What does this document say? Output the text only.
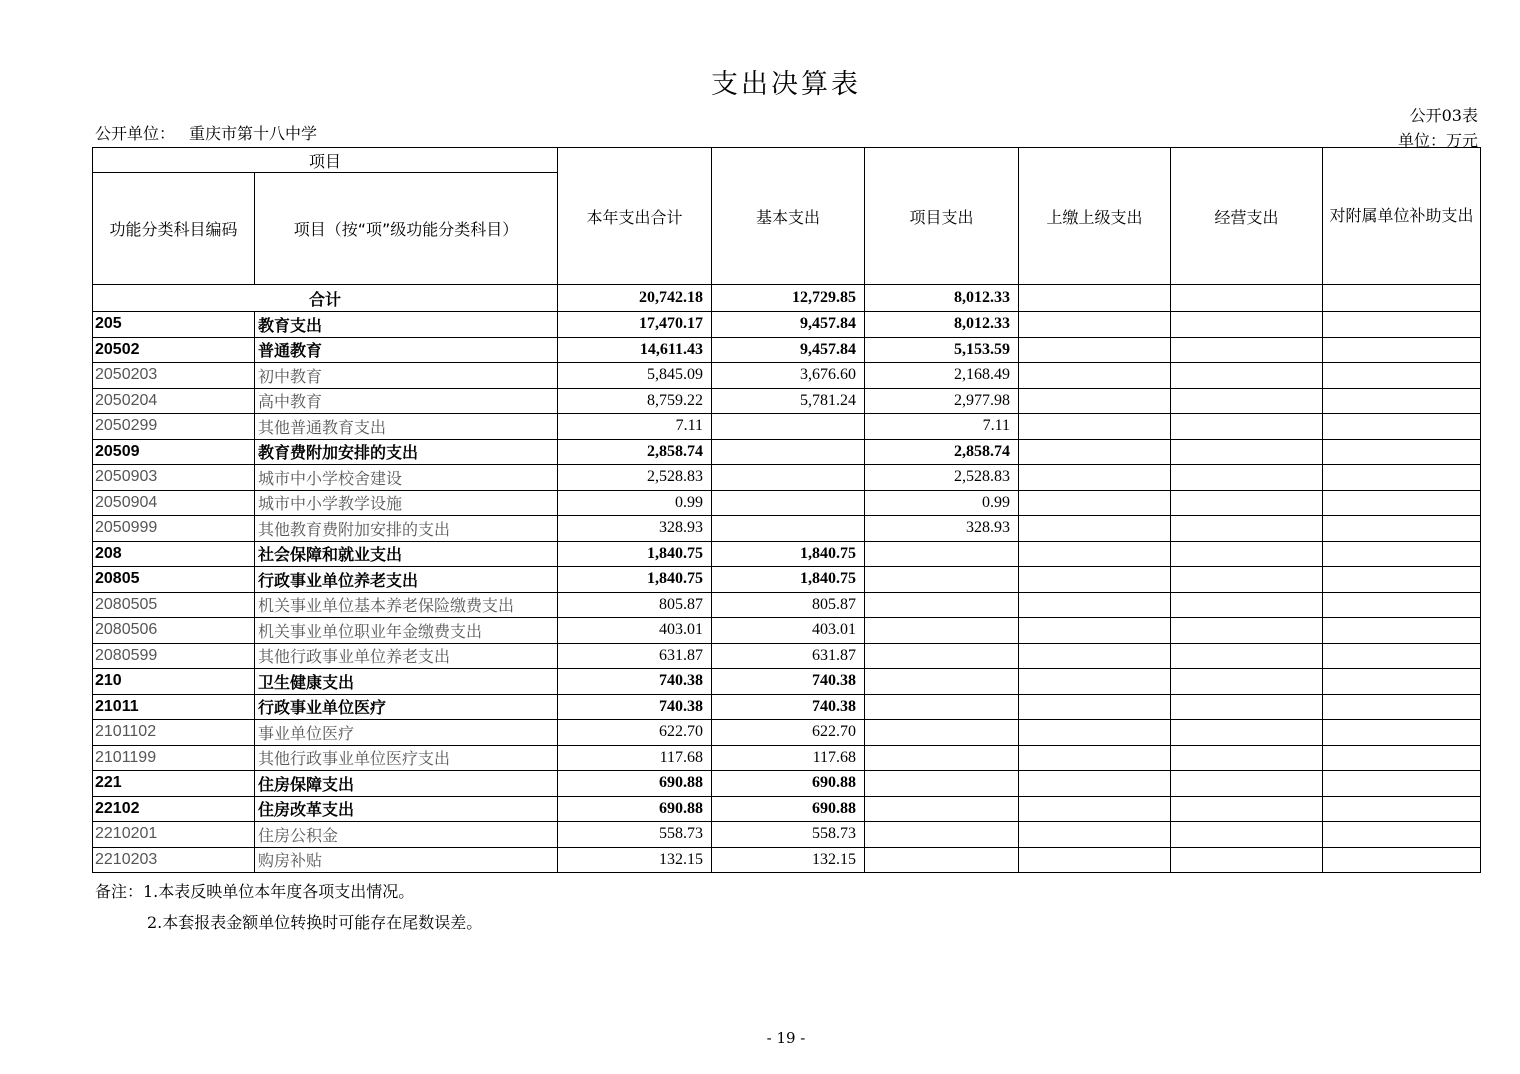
支出决算表
公开03表
公开单位： 重庆市第十八中学	单位：万元
项目		本年支出合计	基本支出	项目支出	上缴上级支出	经营支出	对附属单位补助支出
功能分类科目编码	项目（按“项”级功能分类科目）						
合计		20,742.18	12,729.85	8,012.33			
205	教育支出	17,470.17	9,457.84	8,012.33			
20502	普通教育	14,611.43	9,457.84	5,153.59			
2050203	初中教育	5,845.09	3,676.60	2,168.49			
2050204	高中教育	8,759.22	5,781.24	2,977.98			
2050299	其他普通教育支出	7.11		7.11			
20509	教育费附加安排的支出	2,858.74		2,858.74			
2050903	城市中小学校舍建设	2,528.83		2,528.83			
2050904	城市中小学教学设施	0.99		0.99			
2050999	其他教育费附加安排的支出	328.93		328.93			
208	社会保障和就业支出	1,840.75	1,840.75				
20805	行政事业单位养老支出	1,840.75	1,840.75				
2080505	机关事业单位基本养老保险缴费支出	805.87	805.87				
2080506	机关事业单位职业年金缴费支出	403.01	403.01				
2080599	其他行政事业单位养老支出	631.87	631.87				
210	卫生健康支出	740.38	740.38				
21011	行政事业单位医疗	740.38	740.38				
2101102	事业单位医疗	622.70	622.70				
2101199	其他行政事业单位医疗支出	117.68	117.68				
221	住房保障支出	690.88	690.88				
22102	住房改革支出	690.88	690.88				
2210201	住房公积金	558.73	558.73				
2210203	购房补贴	132.15	132.15				
备注：1.本表反映单位本年度各项支出情况。
2.本套报表金额单位转换时可能存在尾数误差。
- 19 -
